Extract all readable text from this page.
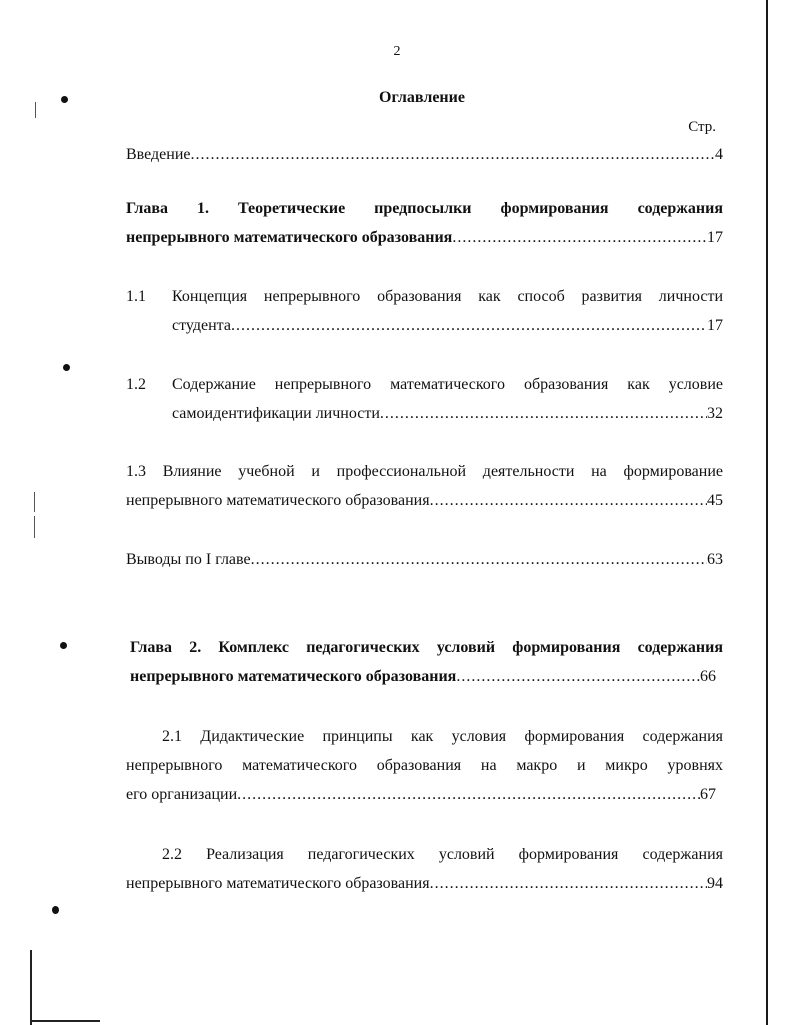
2
Оглавление
Стр.
Введение .....	4
Глава 1. Теоретические предпосылки формирования содержания
непрерывного математического образования .....	17
1.1	Концепция непрерывного образования как способ развития личности
студента .....	17
1.2	Содержание непрерывного математического образования как условие
самоидентификации личности .....	32
1.3 Влияние учебной и профессиональной деятельности на формирование
непрерывного математического образования .....	45
Выводы по I главе .....	63
Глава 2. Комплекс педагогических условий формирования содержания
непрерывного математического образования .....	66
2.1 Дидактические принципы как условия формирования содержания
непрерывного математического образования на макро и микро уровнях
его организации .....	67
2.2 Реализация педагогических условий формирования содержания
непрерывного математического образования .....	94
